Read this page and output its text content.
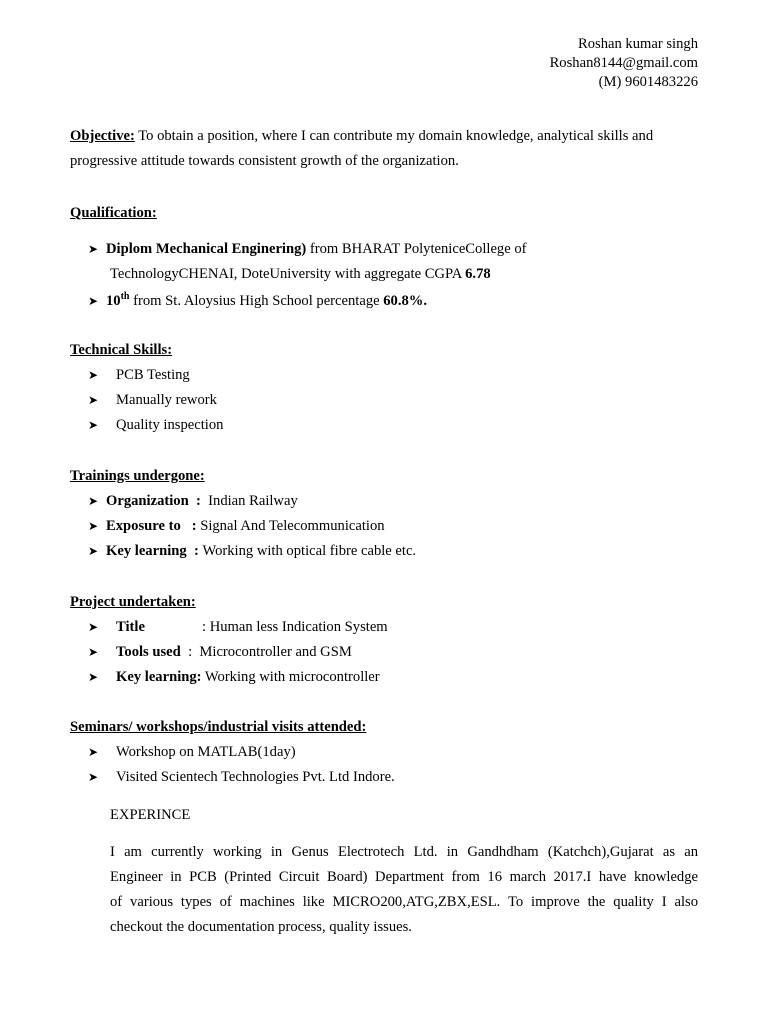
Roshan kumar singh
Roshan8144@gmail.com
(M) 9601483226
Objective: To obtain a position, where I can contribute my domain knowledge, analytical skills and
progressive attitude towards consistent growth of the organization.
Qualification:
➤ Diplom Mechanical Enginering) from BHARAT PolyteniceCollege of
TechnologyCHENAI, DoteUniversity with aggregate CGPA 6.78
➤ 10th from St. Aloysius High School percentage 60.8%.
Technical Skills:
➤ PCB Testing
➤ Manually rework
➤ Quality inspection
Trainings undergone:
➤ Organization  :  Indian Railway
➤ Exposure to   : Signal And Telecommunication
➤ Key learning  : Working with optical fibre cable etc.
Project undertaken:
➤ Title	: Human less Indication System
➤ Tools used  :  Microcontroller and GSM
➤ Key learning: Working with microcontroller
Seminars/ workshops/industrial visits attended:
➤ Workshop on MATLAB(1day)
➤ Visited Scientech Technologies Pvt. Ltd Indore.
EXPERINCE
I am currently working in Genus Electrotech Ltd. in Gandhdham (Katchch),Gujarat as an
Engineer in PCB (Printed Circuit Board) Department from 16 march 2017.I have knowledge
of various types of machines like MICRO200,ATG,ZBX,ESL. To improve the quality I also
checkout the documentation process, quality issues.
